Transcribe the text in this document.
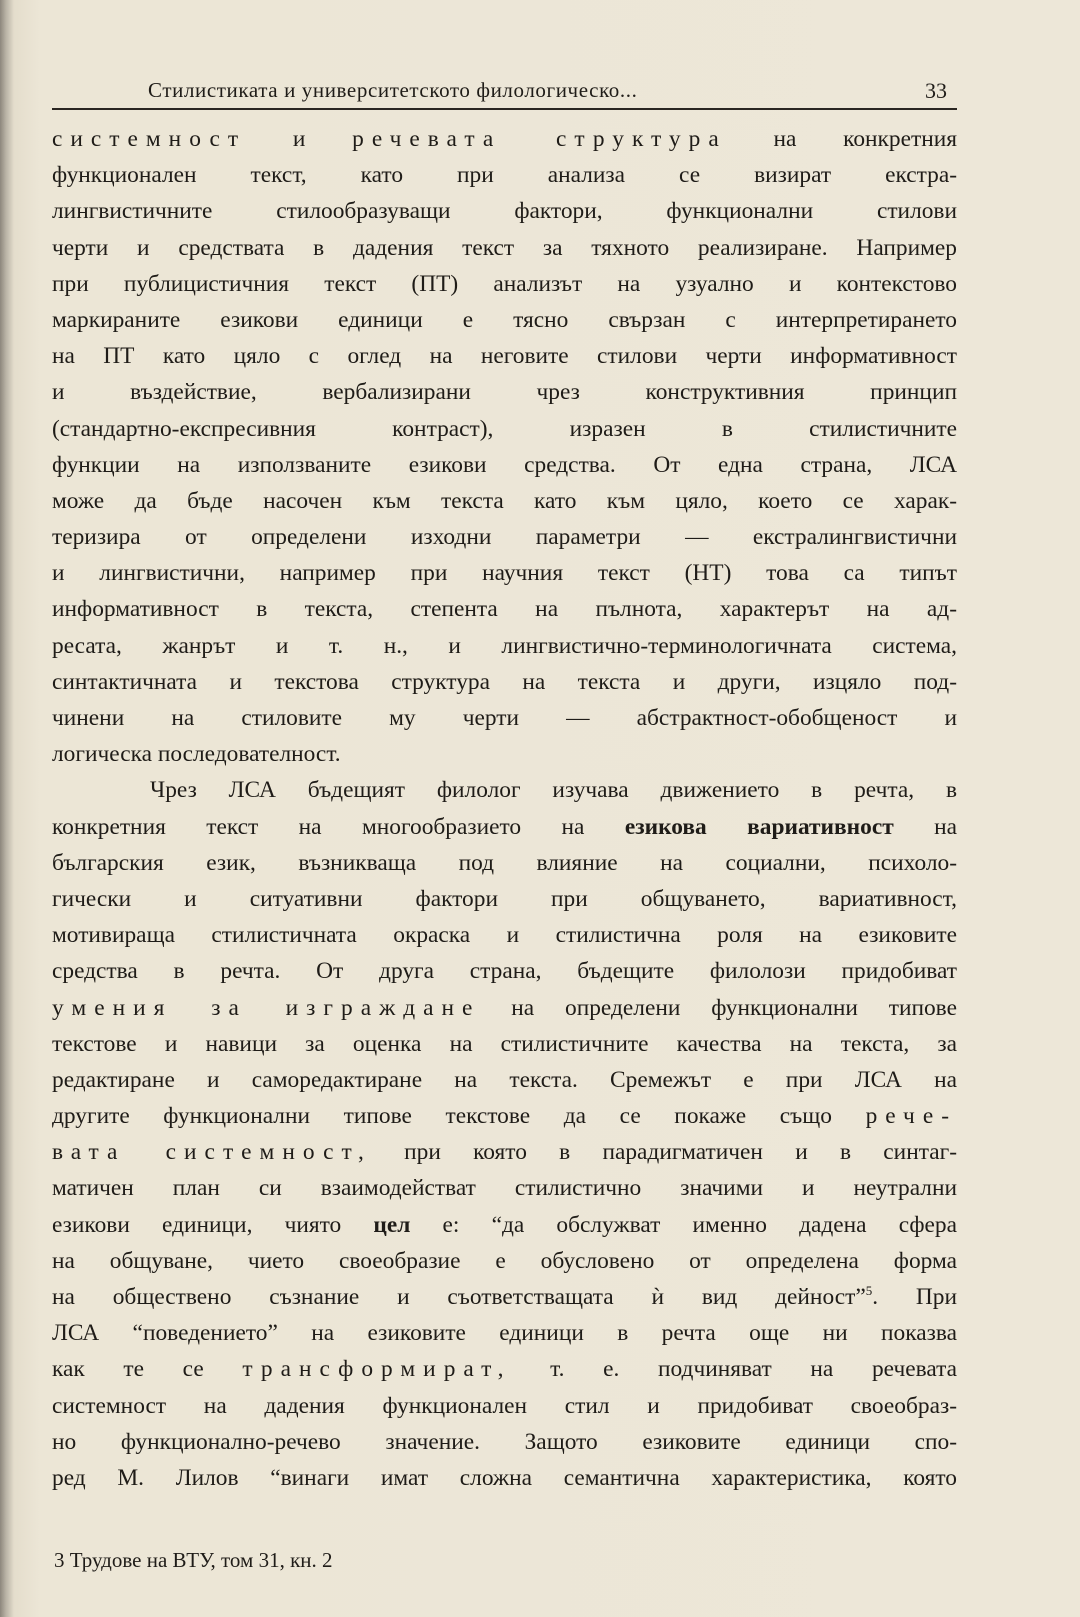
Стилистиката и университетското филологическо...	33
системност и речевата структура на конкретния
функционален текст, като при анализа се визират екстра-
лингвистичните стилообразуващи фактори, функционални стилови
черти и средствата в дадения текст за тяхното реализиране. Например
при публицистичния текст (ПТ) анализът на узуално и контекстово
маркираните езикови единици е тясно свързан с интерпретирането
на ПТ като цяло с оглед на неговите стилови черти информативност
и въздействие, вербализирани чрез конструктивния принцип
(стандартно-експресивния контраст), изразен в стилистичните
функции на използваните езикови средства. От една страна, ЛСА
може да бъде насочен към текста като към цяло, което се харак-
теризира от определени изходни параметри — екстралингвистични
и лингвистични, например при научния текст (НТ) това са типът
информативност в текста, степента на пълнота, характерът на ад-
ресата, жанрът и т. н., и лингвистично-терминологичната система,
синтактичната и текстова структура на текста и други, изцяло под-
чинени на стиловите му черти — абстрактност-обобщеност и
логическа последователност.
Чрез ЛСА бъдещият филолог изучава движението в речта, в
конкретния текст на многообразието на езикова вариативност на
българския език, възникваща под влияние на социални, психоло-
гически и ситуативни фактори при общуването, вариативност,
мотивираща стилистичната окраска и стилистична роля на езиковите
средства в речта. От друга страна, бъдещите филолози придобиват
умения за изграждане на определени функционални типове
текстове и навици за оценка на стилистичните качества на текста, за
редактиране и саморедактиране на текста. Сремежът е при ЛСА на
другите функционални типове текстове да се покаже също рече-
вата системност, при която в парадигматичен и в синтаг-
матичен план си взаимодействат стилистично значими и неутрални
езикови единици, чиято цел е: “да обслужват именно дадена сфера
на общуване, чието своеобразие е обусловено от определена форма
на обществено съзнание и съответстващата ѝ вид дейност”$^5$. При
ЛСА “поведението” на езиковите единици в речта още ни показва
как те се трансформират, т. е. подчиняват на речевата
системност на дадения функционален стил и придобиват своеобраз-
но функционално-речево значение. Защото езиковите единици спо-
ред М. Лилов “винаги имат сложна семантична характеристика, която
3 Трудове на ВТУ, том 31, кн. 2
